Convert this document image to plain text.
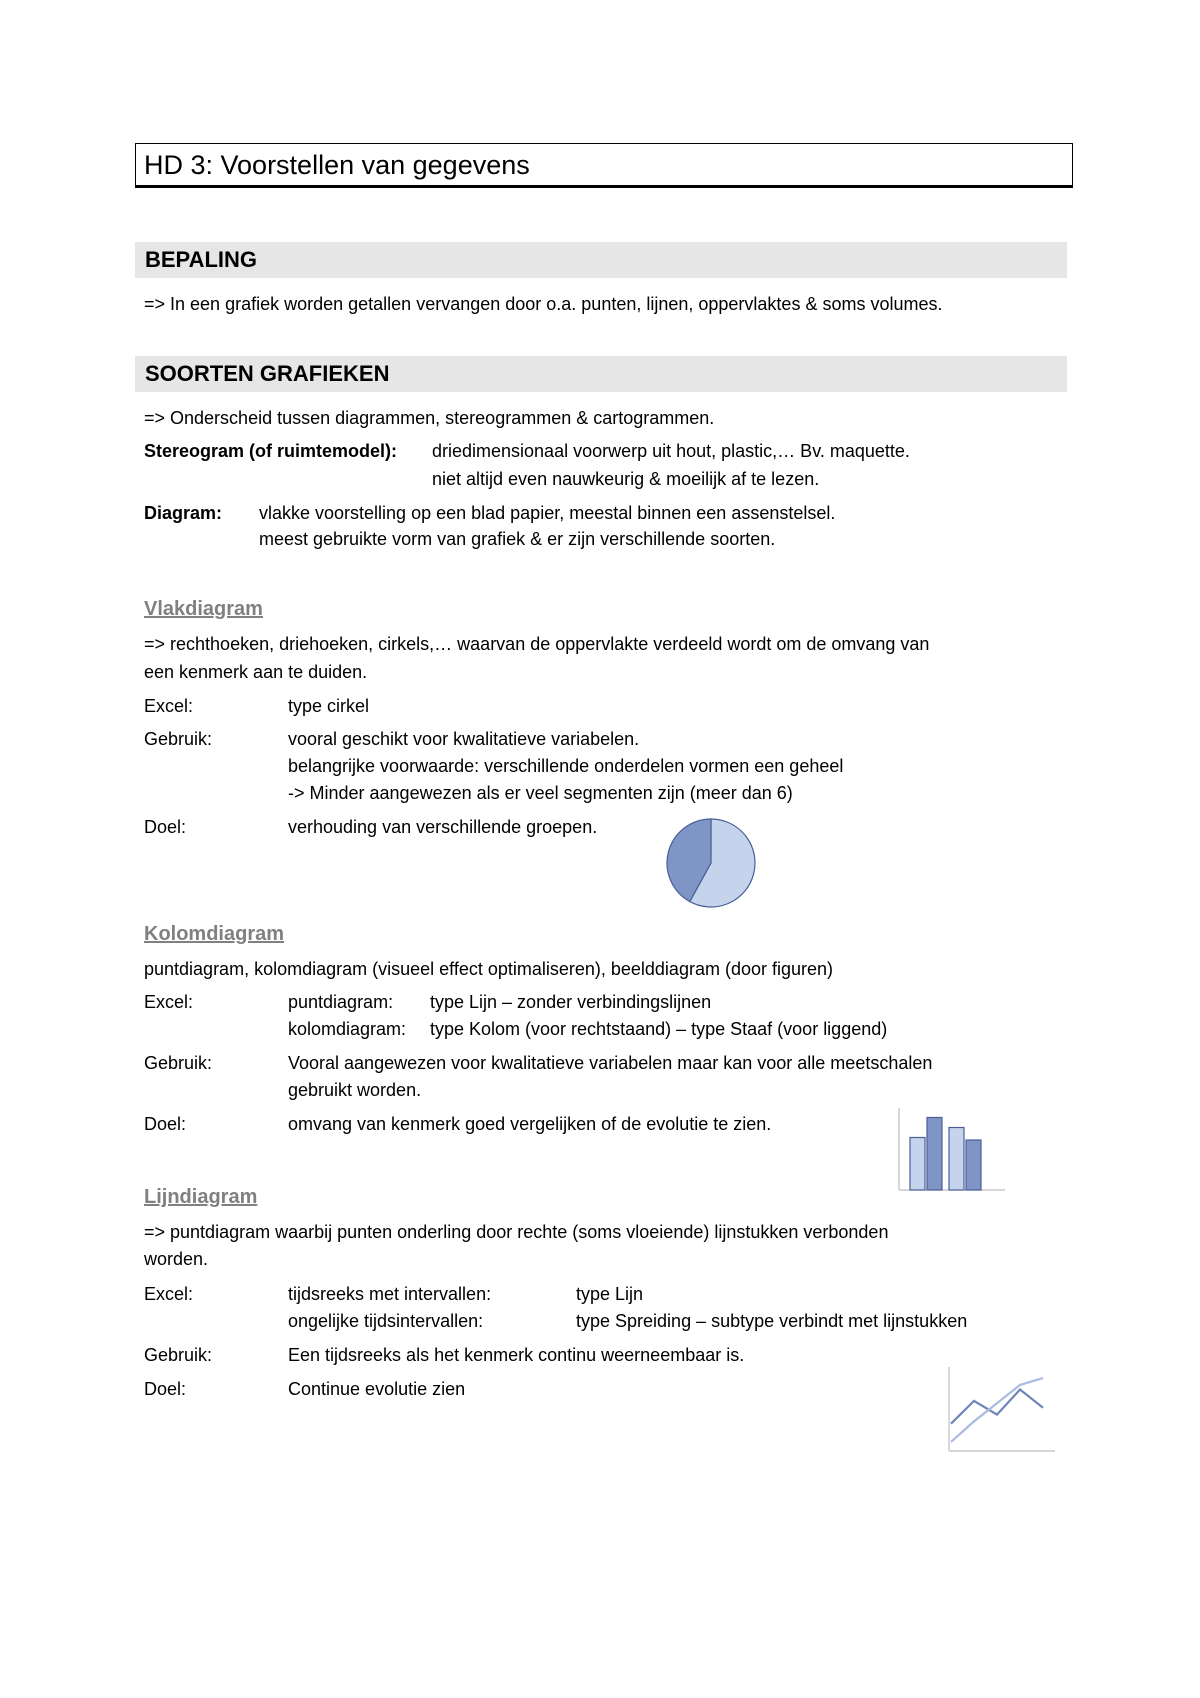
HD 3: Voorstellen van gegevens
BEPALING
=> In een grafiek worden getallen vervangen door o.a. punten, lijnen, oppervlaktes & soms volumes.
SOORTEN GRAFIEKEN
=> Onderscheid tussen diagrammen, stereogrammen & cartogrammen.
Stereogram (of ruimtemodel): driedimensionaal voorwerp uit hout, plastic,… Bv. maquette.
niet altijd even nauwkeurig & moeilijk af te lezen.
Diagram: vlakke voorstelling op een blad papier, meestal binnen een assenstelsel.
meest gebruikte vorm van grafiek & er zijn verschillende soorten.
Vlakdiagram
=> rechthoeken, driehoeken, cirkels,… waarvan de oppervlakte verdeeld wordt om de omvang van
een kenmerk aan te duiden.
Excel:	type cirkel
Gebruik:	vooral geschikt voor kwalitatieve variabelen.
belangrijke voorwaarde: verschillende onderdelen vormen een geheel
-> Minder aangewezen als er veel segmenten zijn (meer dan 6)
Doel:	verhouding van verschillende groepen.
Kolomdiagram
puntdiagram, kolomdiagram (visueel effect optimaliseren), beelddiagram (door figuren)
Excel:	puntdiagram: type Lijn – zonder verbindingslijnen
kolomdiagram: type Kolom (voor rechtstaand) – type Staaf (voor liggend)
Gebruik:	Vooral aangewezen voor kwalitatieve variabelen maar kan voor alle meetschalen
gebruikt worden.
Doel:	omvang van kenmerk goed vergelijken of de evolutie te zien.
Lijndiagram
=> puntdiagram waarbij punten onderling door rechte (soms vloeiende) lijnstukken verbonden
worden.
Excel:	tijdsreeks met intervallen:	type Lijn
ongelijke tijdsintervallen:	type Spreiding – subtype verbindt met lijnstukken
Gebruik:	Een tijdsreeks als het kenmerk continu weerneembaar is.
Doel:	Continue evolutie zien
